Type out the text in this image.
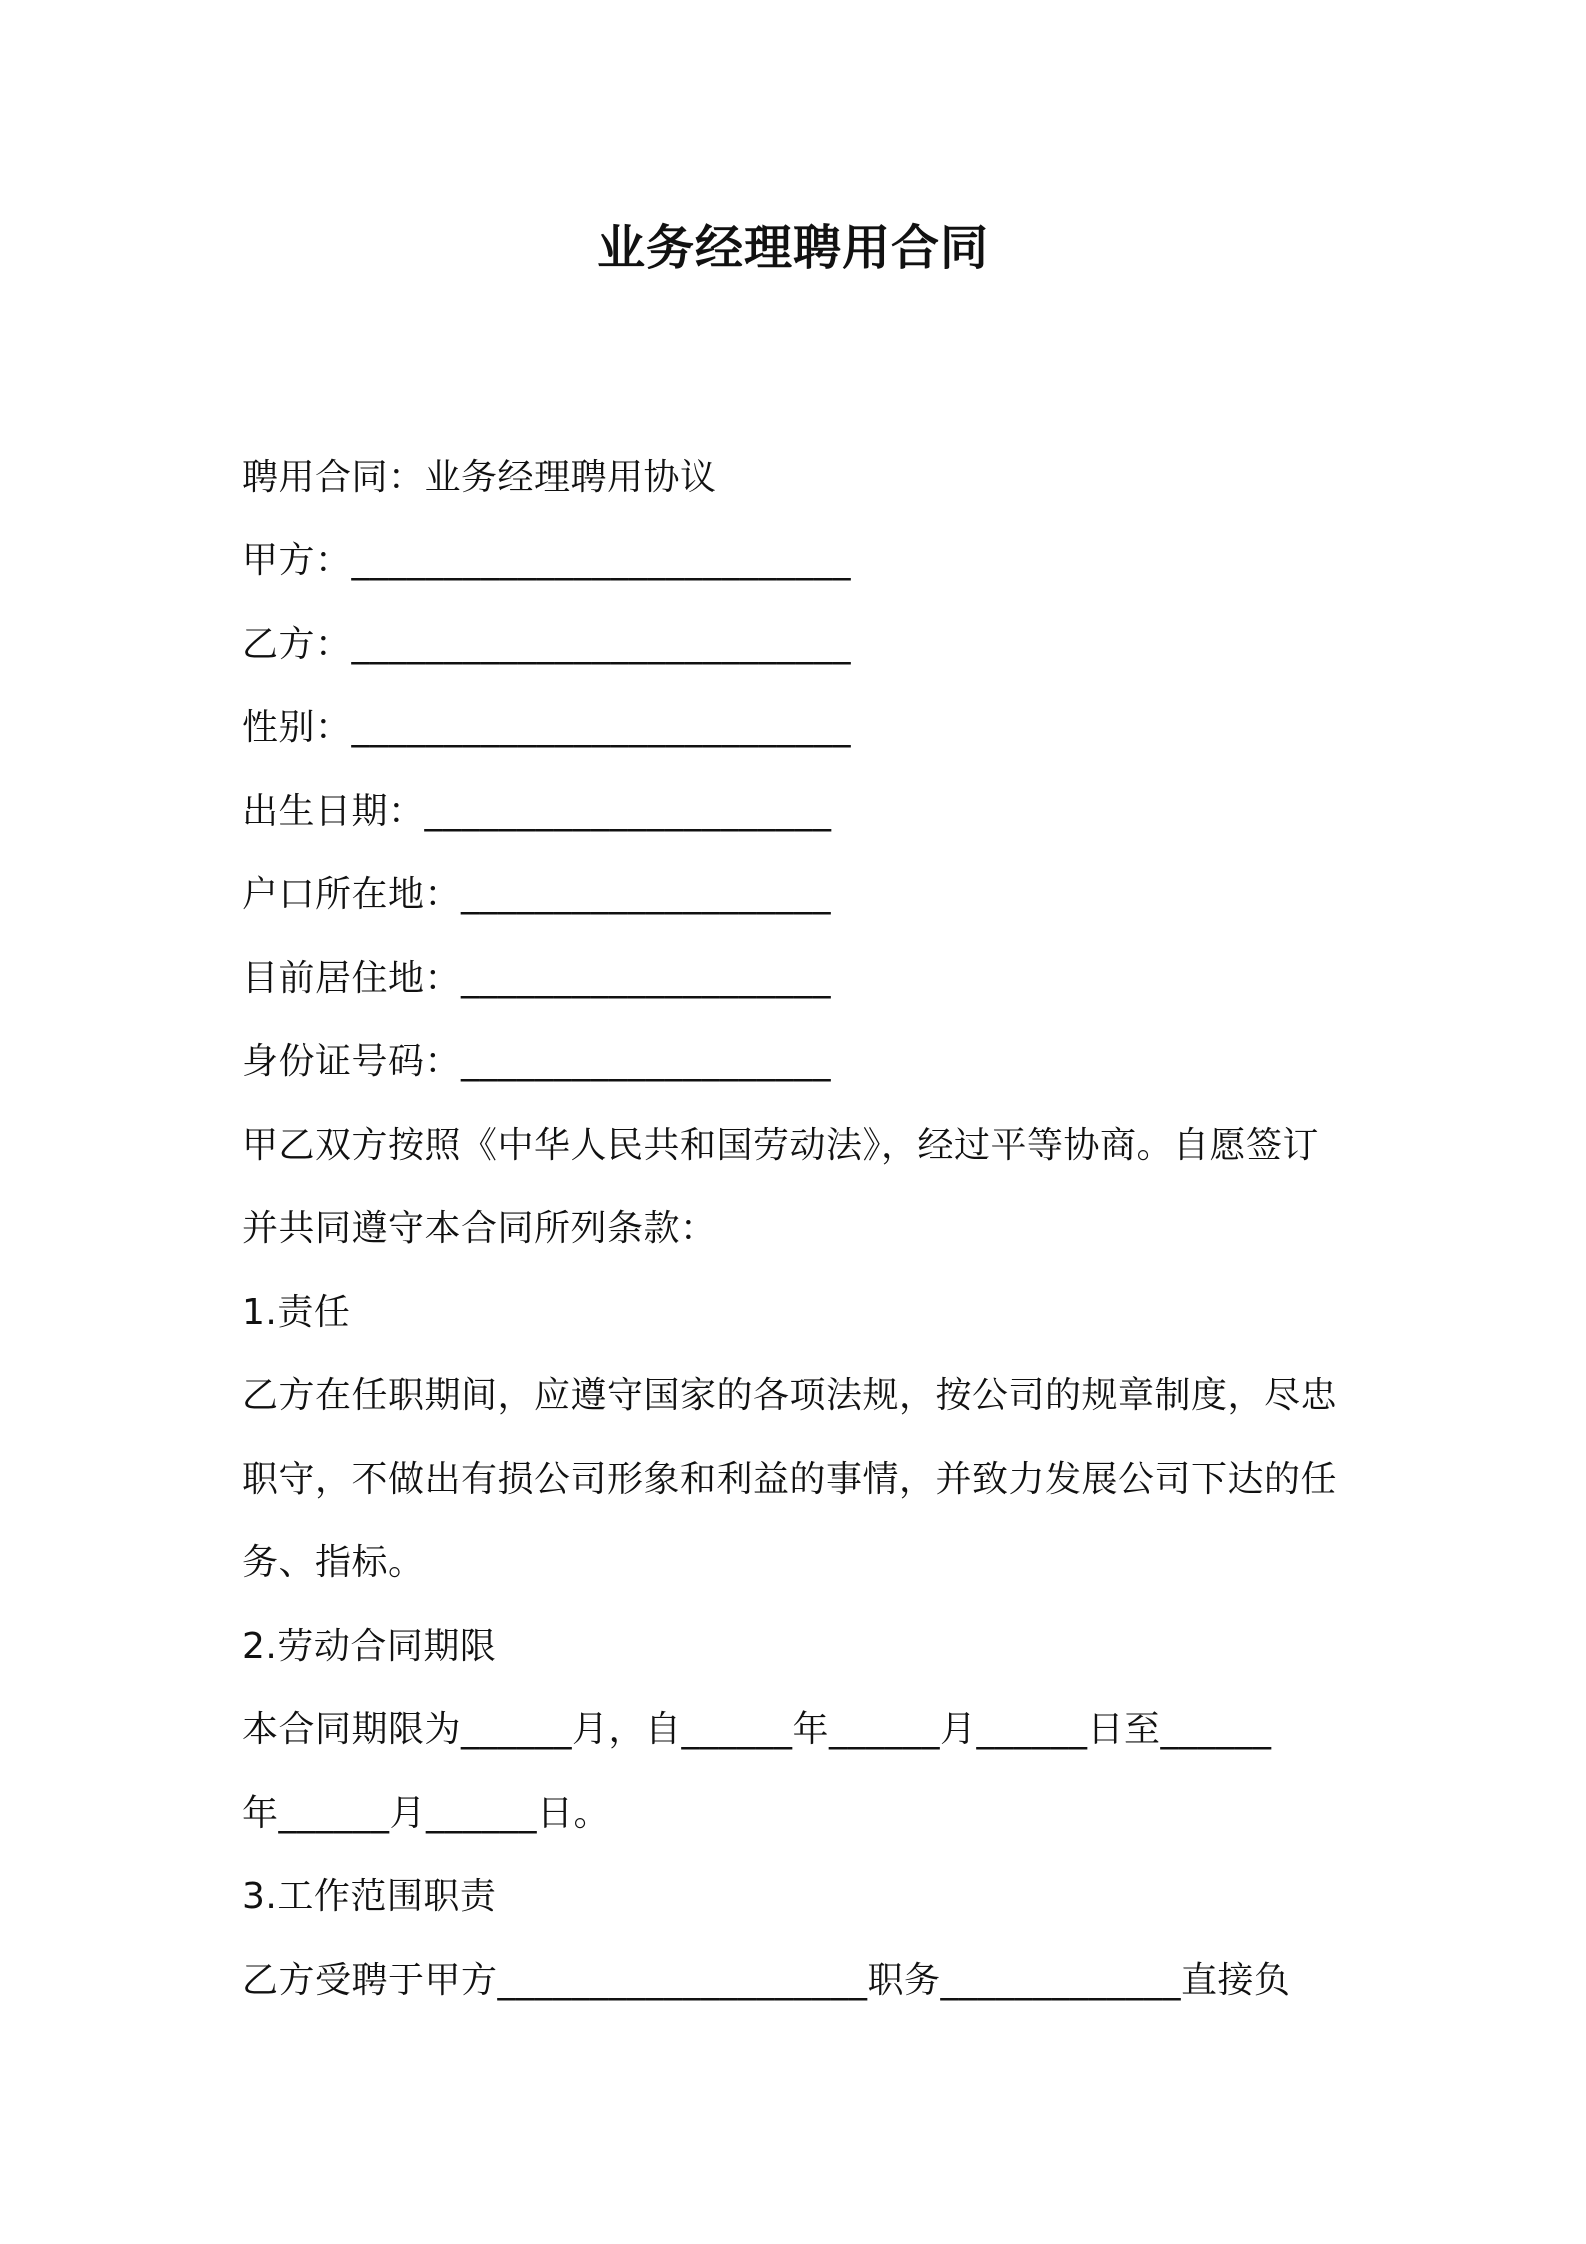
业务经理聘用合同
聘用合同：业务经理聘用协议
甲方：___________________________
乙方：___________________________
性别：___________________________
出生日期：______________________
户口所在地：____________________
目前居住地：____________________
身份证号码：____________________
甲乙双方按照《中华人民共和国劳动法》，经过平等协商。自愿签订
并共同遵守本合同所列条款：
1.责任
乙方在任职期间，应遵守国家的各项法规，按公司的规章制度，尽忠
职守，不做出有损公司形象和利益的事情，并致力发展公司下达的任
务、指标。
2.劳动合同期限
本合同期限为______月，自______年______月______日至______
年______月______日。
3.工作范围职责
乙方受聘于甲方____________________职务_____________直接负
